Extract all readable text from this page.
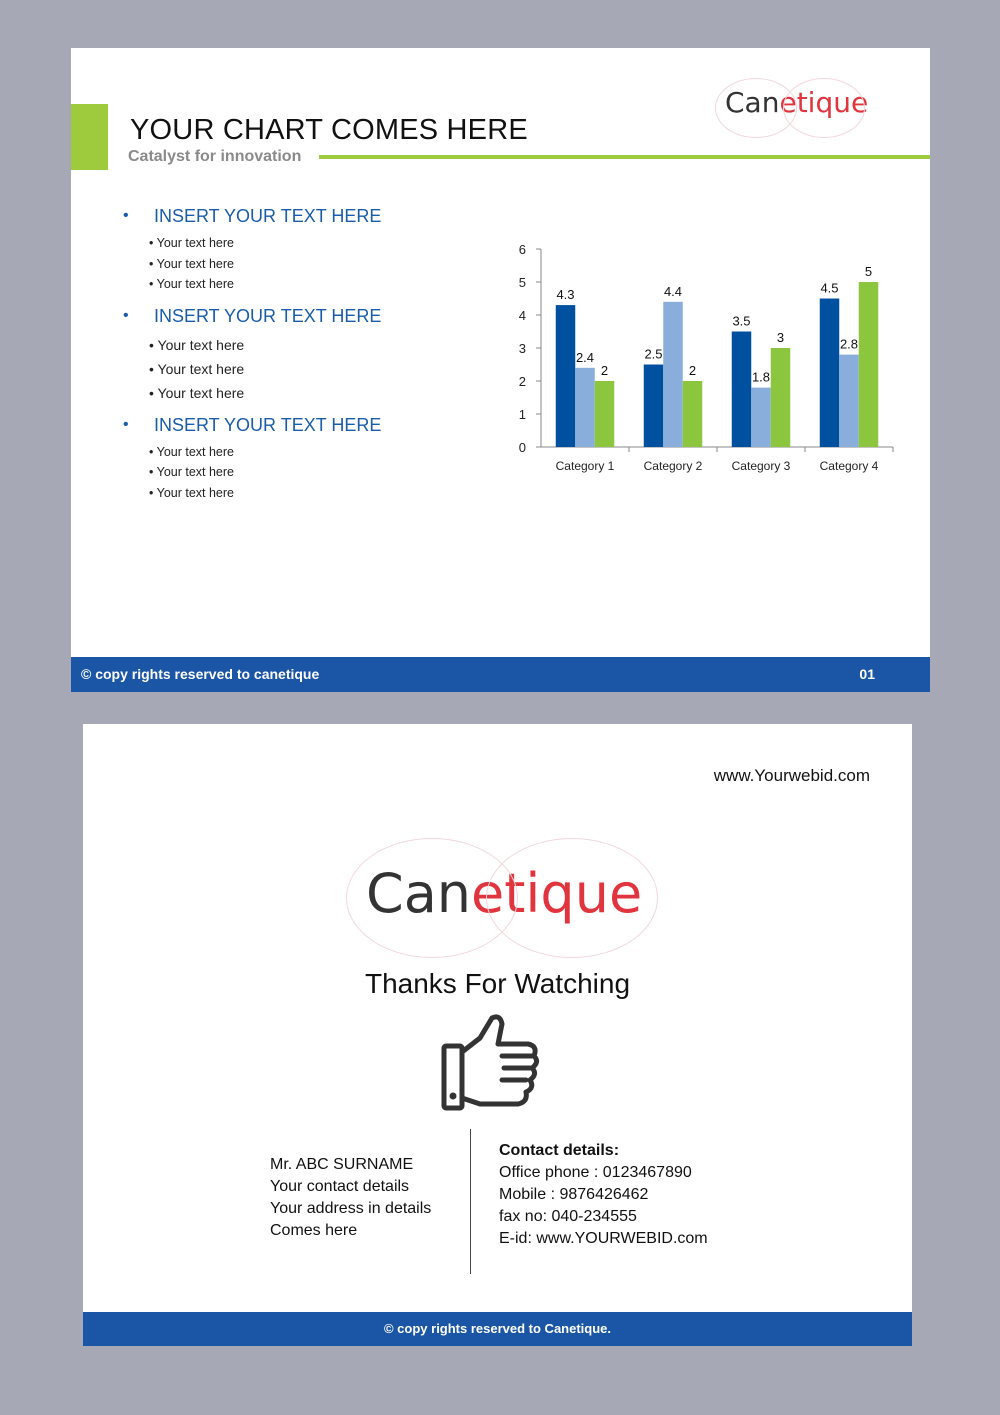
YOUR CHART COMES HERE
Catalyst for innovation
Canetique

• INSERT YOUR TEXT HERE

• Your text here

• Your text here

• Your text here

• INSERT YOUR TEXT HERE

• Your text here

• Your text here

• Your text here

• INSERT YOUR TEXT HERE

• Your text here

• Your text here

• Your text here

0
1
2
3
4
5
6
4.3
2.4
2
Category 1
2.5
4.4
2
Category 2
3.5
1.8
3
Category 3
4.5
2.8
5
Category 4
© copy rights reserved to canetique	01
www.Yourwebid.com
Canetique
Thanks For Watching
Mr. ABC SURNAME
Your contact details
Your address in details
Comes here
Contact details:
Office phone : 0123467890
Mobile : 9876426462
fax no: 040-234555
E-id: www.YOURWEBID.com
© copy rights reserved to Canetique.
